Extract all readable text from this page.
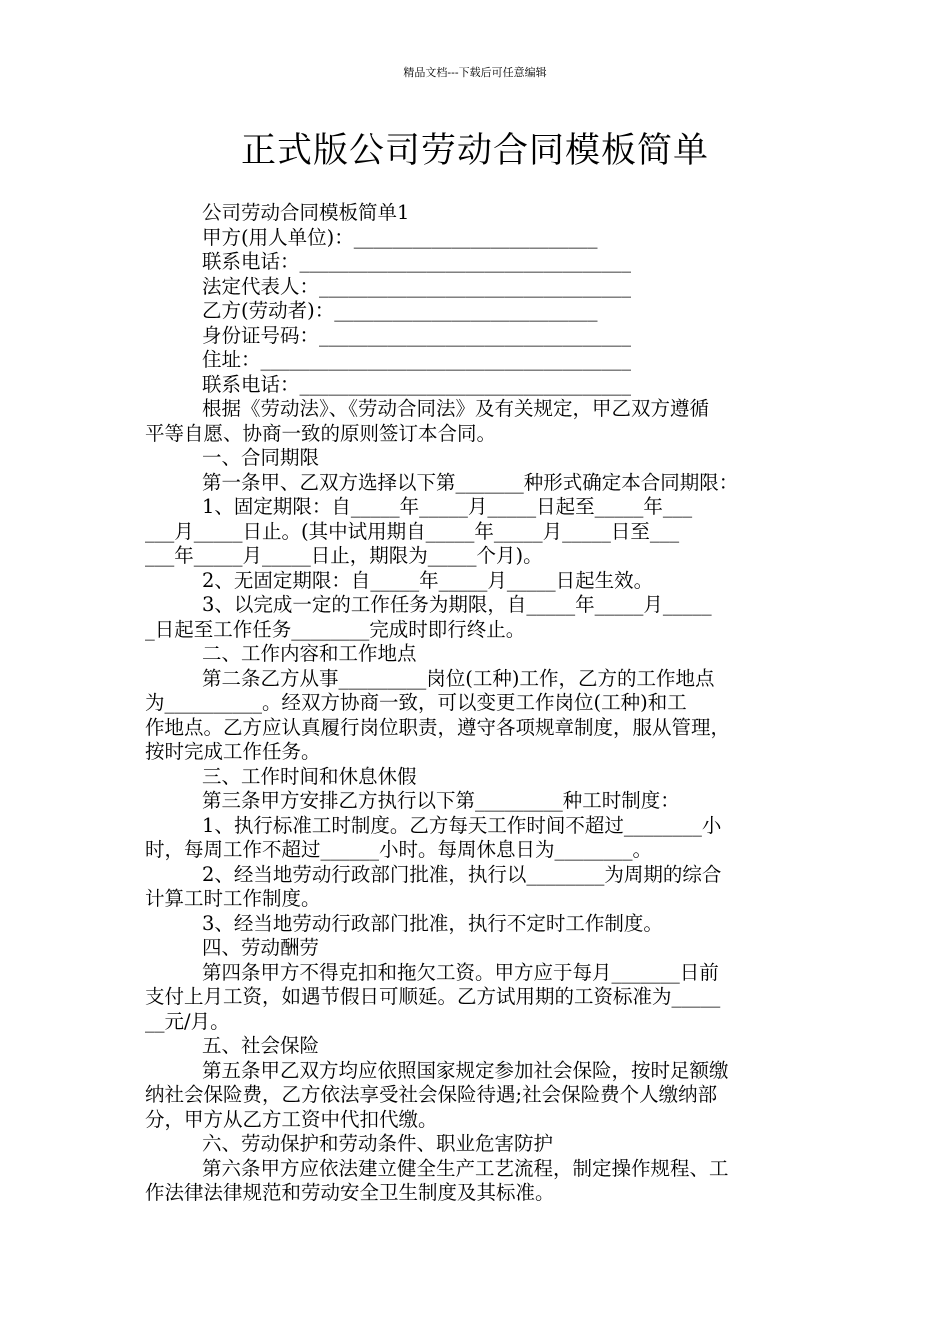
精品文档---下载后可任意编辑
正式版公司劳动合同模板简单
公司劳动合同模板简单1
甲方(用人单位)：_________________________
联系电话：__________________________________
法定代表人：________________________________
乙方(劳动者)：___________________________
身份证号码：________________________________
住址：______________________________________
联系电话：__________________________________
根据《劳动法》、《劳动合同法》及有关规定，甲乙双方遵循
平等自愿、协商一致的原则签订本合同。
一、合同期限
第一条甲、乙双方选择以下第_______种形式确定本合同期限：
1、固定期限：自_____年_____月_____日起至_____年___
___月_____日止。(其中试用期自_____年_____月_____日至___
___年_____月_____日止，期限为_____个月)。
2、无固定期限：自_____年_____月_____日起生效。
3、以完成一定的工作任务为期限，自_____年_____月_____
_日起至工作任务________完成时即行终止。
二、工作内容和工作地点
第二条乙方从事_________岗位(工种)工作，乙方的工作地点
为__________。经双方协商一致，可以变更工作岗位(工种)和工
作地点。乙方应认真履行岗位职责，遵守各项规章制度，服从管理，
按时完成工作任务。
三、工作时间和休息休假
第三条甲方安排乙方执行以下第_________种工时制度：
1、执行标准工时制度。乙方每天工作时间不超过________小
时，每周工作不超过______小时。每周休息日为________。
2、经当地劳动行政部门批准，执行以________为周期的综合
计算工时工作制度。
3、经当地劳动行政部门批准，执行不定时工作制度。
四、劳动酬劳
第四条甲方不得克扣和拖欠工资。甲方应于每月_______日前
支付上月工资，如遇节假日可顺延。乙方试用期的工资标准为_____
__元/月。
五、社会保险
第五条甲乙双方均应依照国家规定参加社会保险，按时足额缴
纳社会保险费，乙方依法享受社会保险待遇;社会保险费个人缴纳部
分，甲方从乙方工资中代扣代缴。
六、劳动保护和劳动条件、职业危害防护
第六条甲方应依法建立健全生产工艺流程，制定操作规程、工
作法律法律规范和劳动安全卫生制度及其标准。
